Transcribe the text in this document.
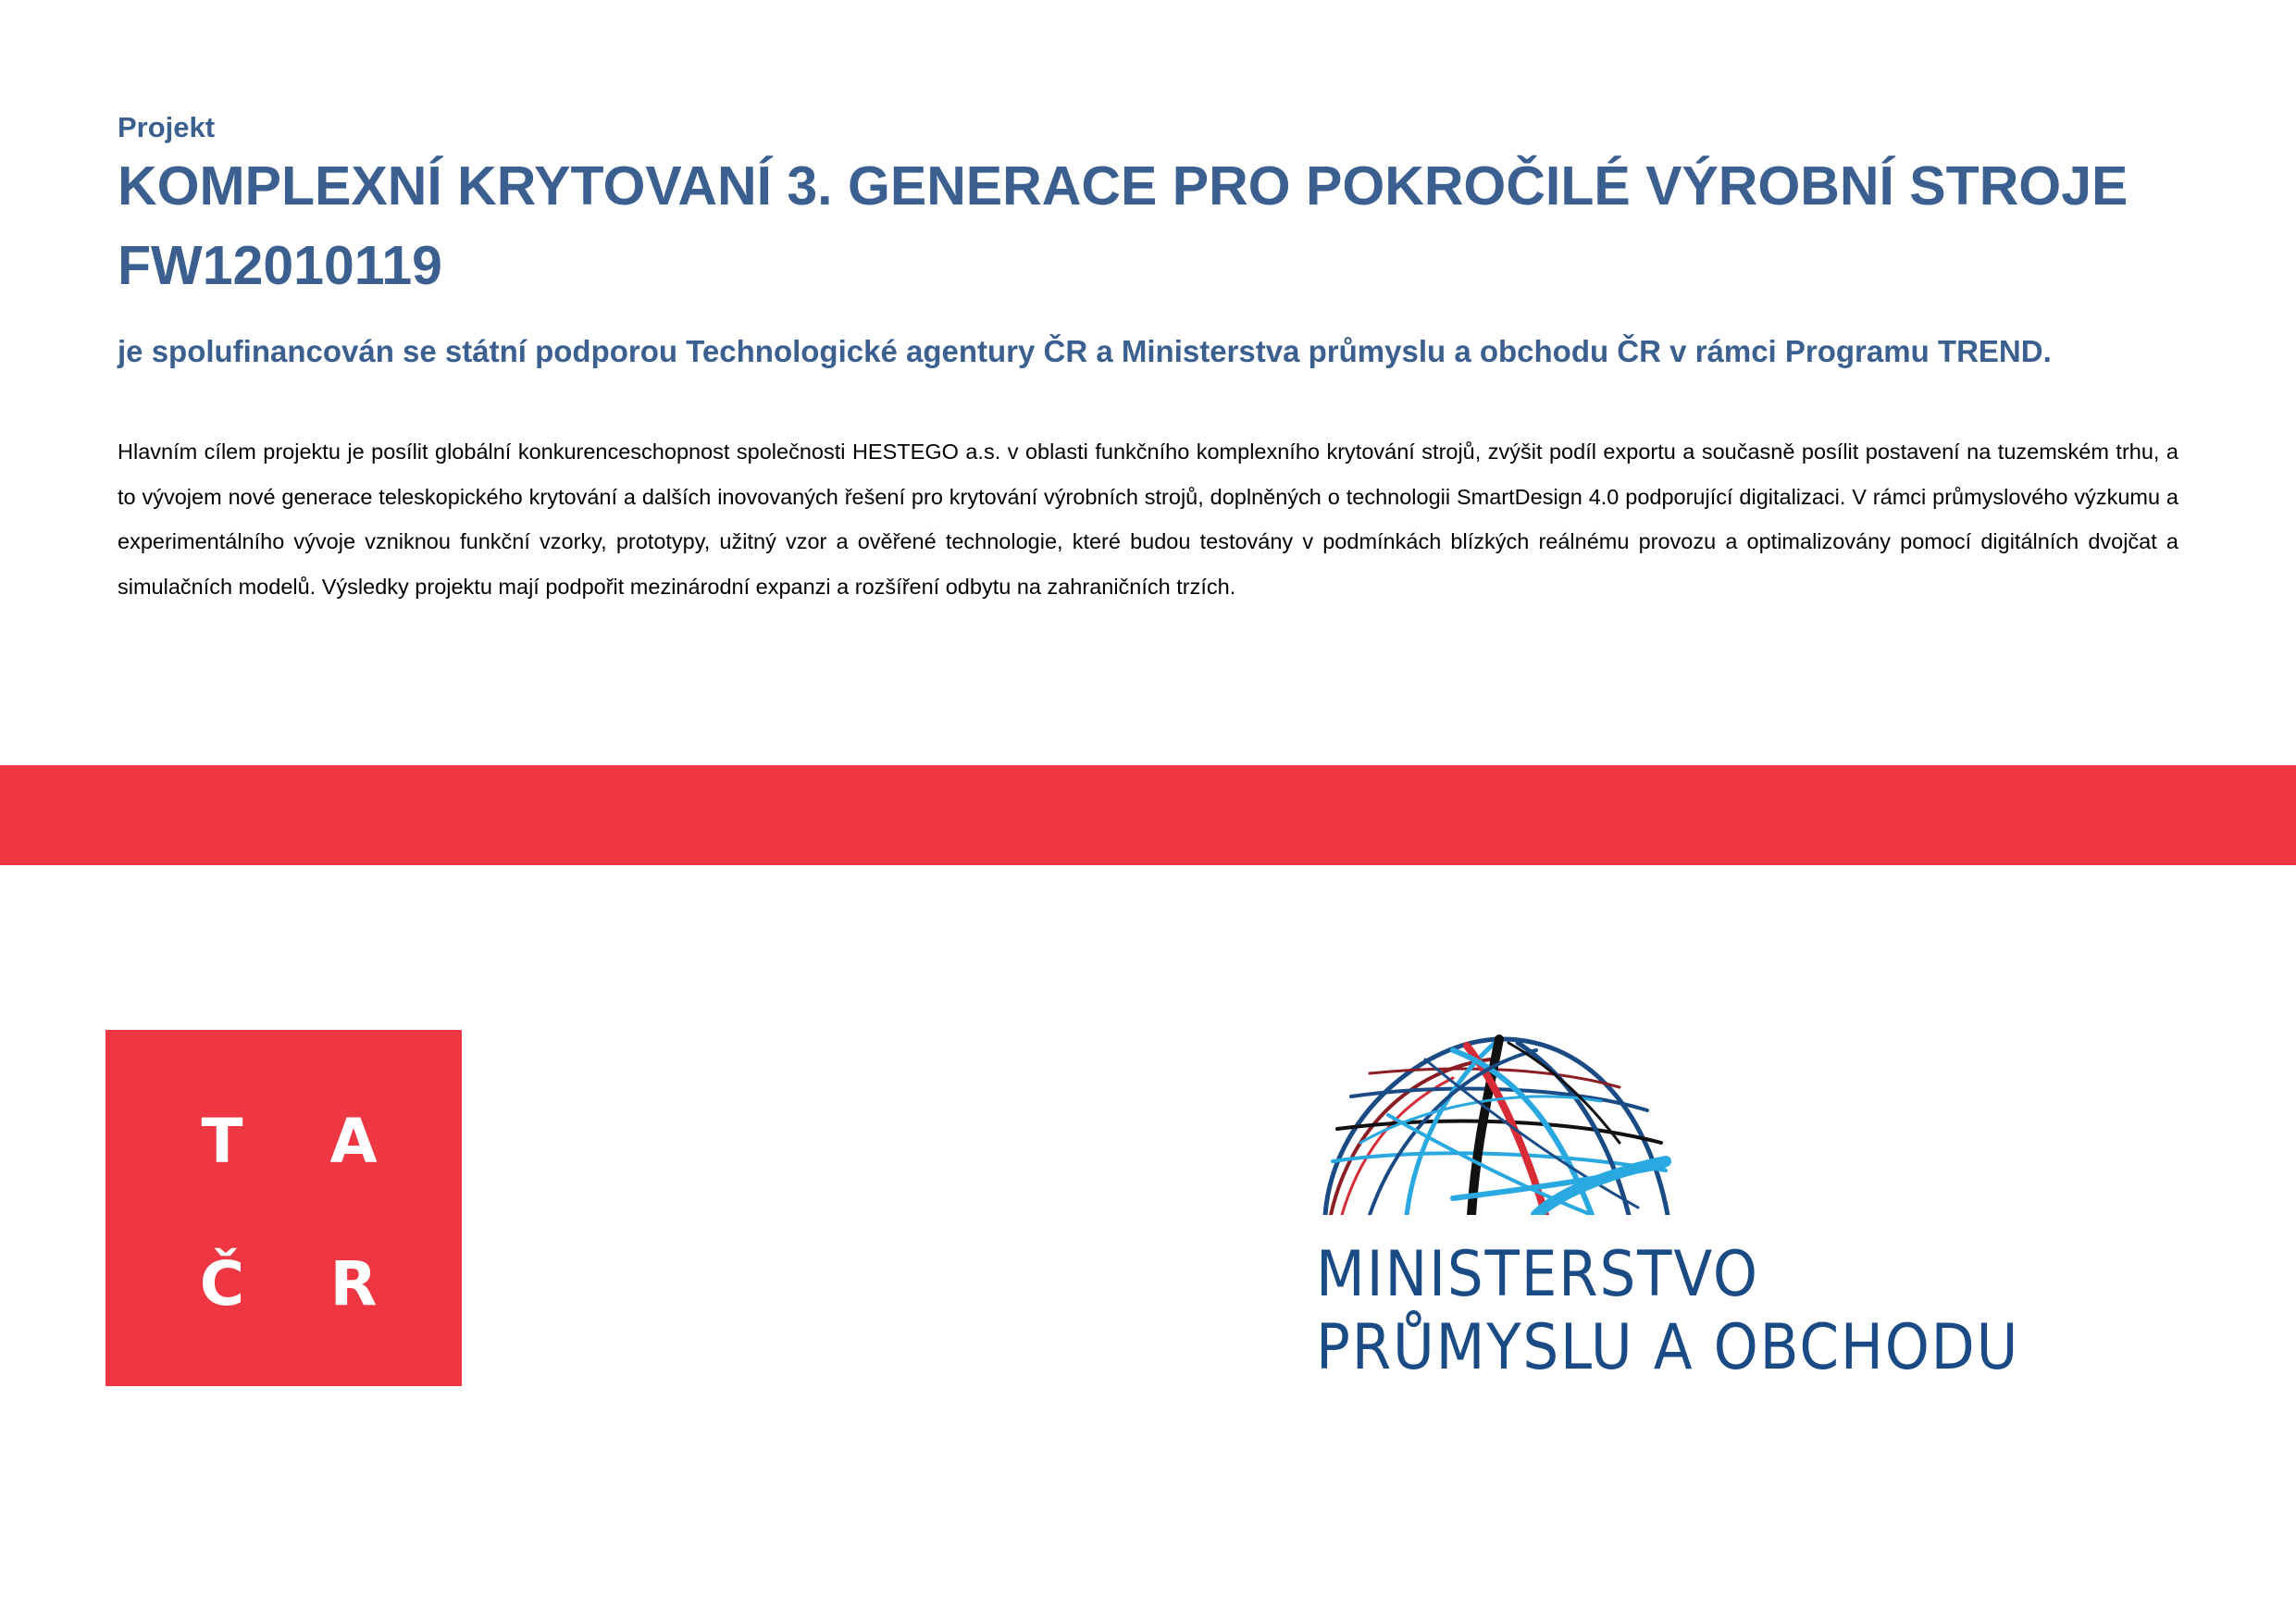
Projekt

KOMPLEXNÍ KRYTOVANÍ 3. GENERACE PRO POKROČILÉ VÝROBNÍ STROJE

FW12010119

je spolufinancován se státní podporou Technologické agentury ČR a Ministerstva průmyslu a obchodu ČR v rámci Programu TREND.

Hlavním cílem projektu je posílit globální konkurenceschopnost společnosti HESTEGO a.s. v oblasti funkčního komplexního krytování strojů, zvýšit podíl exportu a současně posílit postavení na tuzemském trhu, a to vývojem nové generace teleskopického krytování a dalších inovovaných řešení pro krytování výrobních strojů, doplněných o technologii SmartDesign 4.0 podporující digitalizaci. V rámci průmyslového výzkumu a experimentálního vývoje vzniknou funkční vzorky, prototypy, užitný vzor a ověřené technologie, které budou testovány v podmínkách blízkých reálnému provozu a optimalizovány pomocí digitálních dvojčat a simulačních modelů. Výsledky projektu mají podpořit mezinárodní expanzi a rozšíření odbytu na zahraničních trzích.

T A
Č R	MINISTERSTVO
PRŮMYSLU A OBCHODU
